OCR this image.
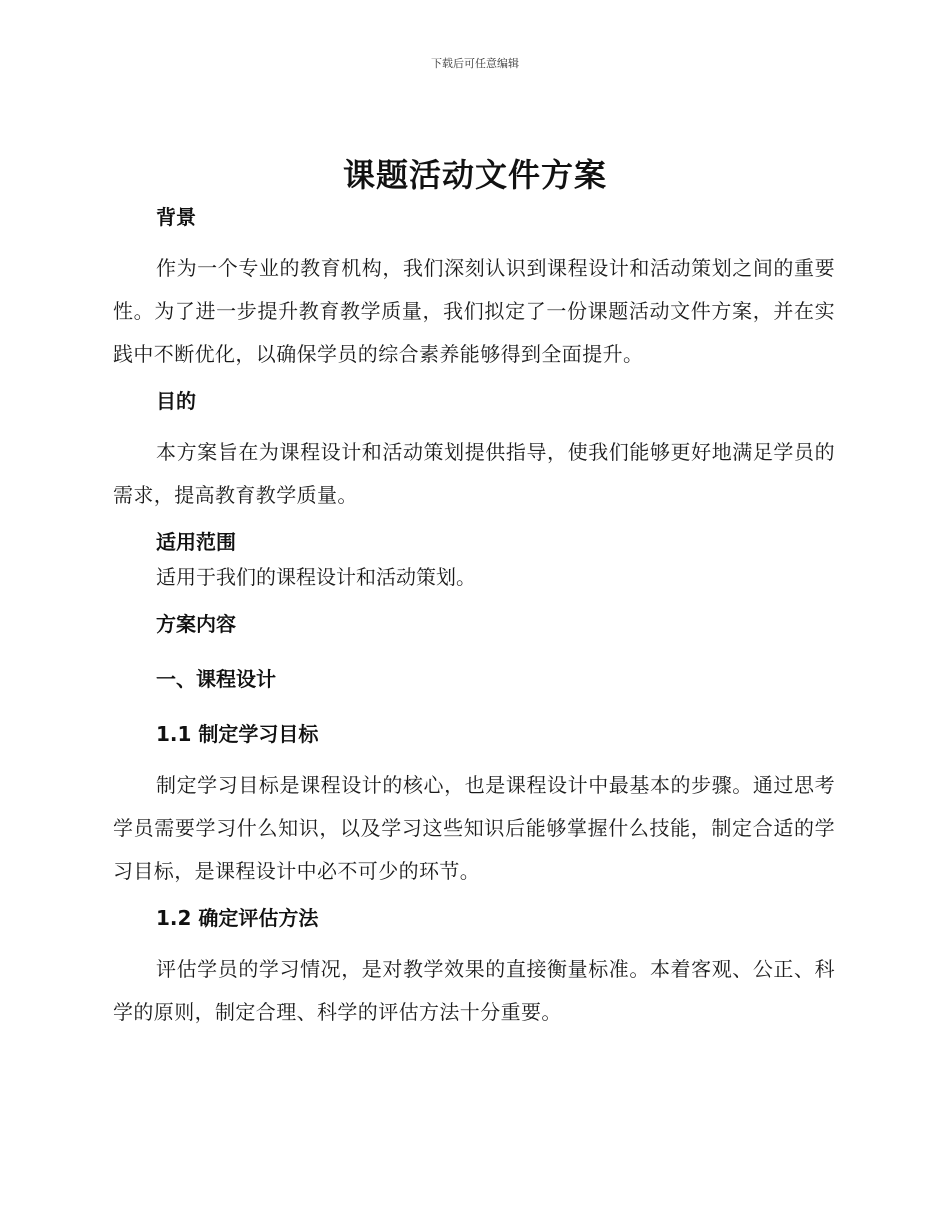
下载后可任意编辑
课题活动文件方案

背景

作为一个专业的教育机构，我们深刻认识到课程设计和活动策划之间的重要性。为了进一步提升教育教学质量，我们拟定了一份课题活动文件方案，并在实践中不断优化，以确保学员的综合素养能够得到全面提升。

目的

本方案旨在为课程设计和活动策划提供指导，使我们能够更好地满足学员的需求，提高教育教学质量。

适用范围

适用于我们的课程设计和活动策划。

方案内容

一、课程设计

1.1 制定学习目标

制定学习目标是课程设计的核心，也是课程设计中最基本的步骤。通过思考学员需要学习什么知识，以及学习这些知识后能够掌握什么技能，制定合适的学习目标，是课程设计中必不可少的环节。

1.2 确定评估方法

评估学员的学习情况，是对教学效果的直接衡量标准。本着客观、公正、科学的原则，制定合理、科学的评估方法十分重要。
